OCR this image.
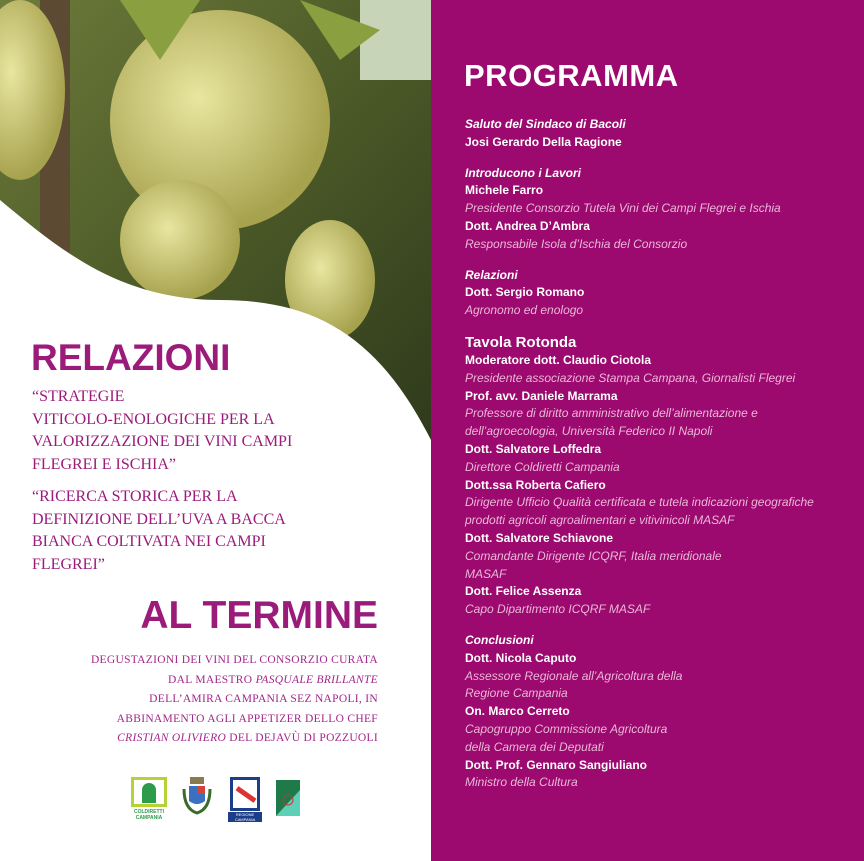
RELAZIONI
“STRATEGIE
VITICOLO-ENOLOGICHE PER LA
VALORIZZAZIONE DEI VINI CAMPI
FLEGREI E ISCHIA”
“RICERCA STORICA PER LA
DEFINIZIONE DELL’UVA A BACCA
BIANCA COLTIVATA NEI CAMPI
FLEGREI”
AL TERMINE
DEGUSTAZIONI DEI VINI DEL CONSORZIO CURATA
DAL MAESTRO PASQUALE BRILLANTE
DELL’AMIRA CAMPANIA SEZ NAPOLI, IN
ABBINAMENTO AGLI APPETIZER DELLO CHEF
CRISTIAN OLIVIERO DEL DEJAVÙ DI POZZUOLI
COLDIRETTI CAMPANIA
REGIONE CAMPANIA
PROGRAMMA
Saluto del Sindaco di Bacoli
Josi Gerardo Della Ragione
Introducono i Lavori
Michele Farro
Presidente Consorzio Tutela Vini dei Campi Flegrei e Ischia
Dott. Andrea D’Ambra
Responsabile Isola d’Ischia del Consorzio
Relazioni
Dott. Sergio Romano
Agronomo ed enologo
Tavola Rotonda
Moderatore dott. Claudio Ciotola
Presidente associazione Stampa Campana, Giornalisti Flegrei
Prof. avv. Daniele Marrama
Professore di diritto amministrativo dell’alimentazione e
dell’agroecologia, Università Federico II Napoli
Dott. Salvatore Loffedra
Direttore Coldiretti Campania
Dott.ssa Roberta Cafiero
Dirigente Ufficio Qualità certificata e tutela indicazioni geografiche
prodotti agricoli agroalimentari e vitivinicoli MASAF
Dott. Salvatore Schiavone
Comandante Dirigente ICQRF, Italia meridionale
MASAF
Dott. Felice Assenza
Capo Dipartimento ICQRF MASAF
Conclusioni
Dott. Nicola Caputo
Assessore Regionale all’Agricoltura della
Regione Campania
On. Marco Cerreto
Capogruppo Commissione Agricoltura
della Camera dei Deputati
Dott. Prof. Gennaro Sangiuliano
Ministro della Cultura
